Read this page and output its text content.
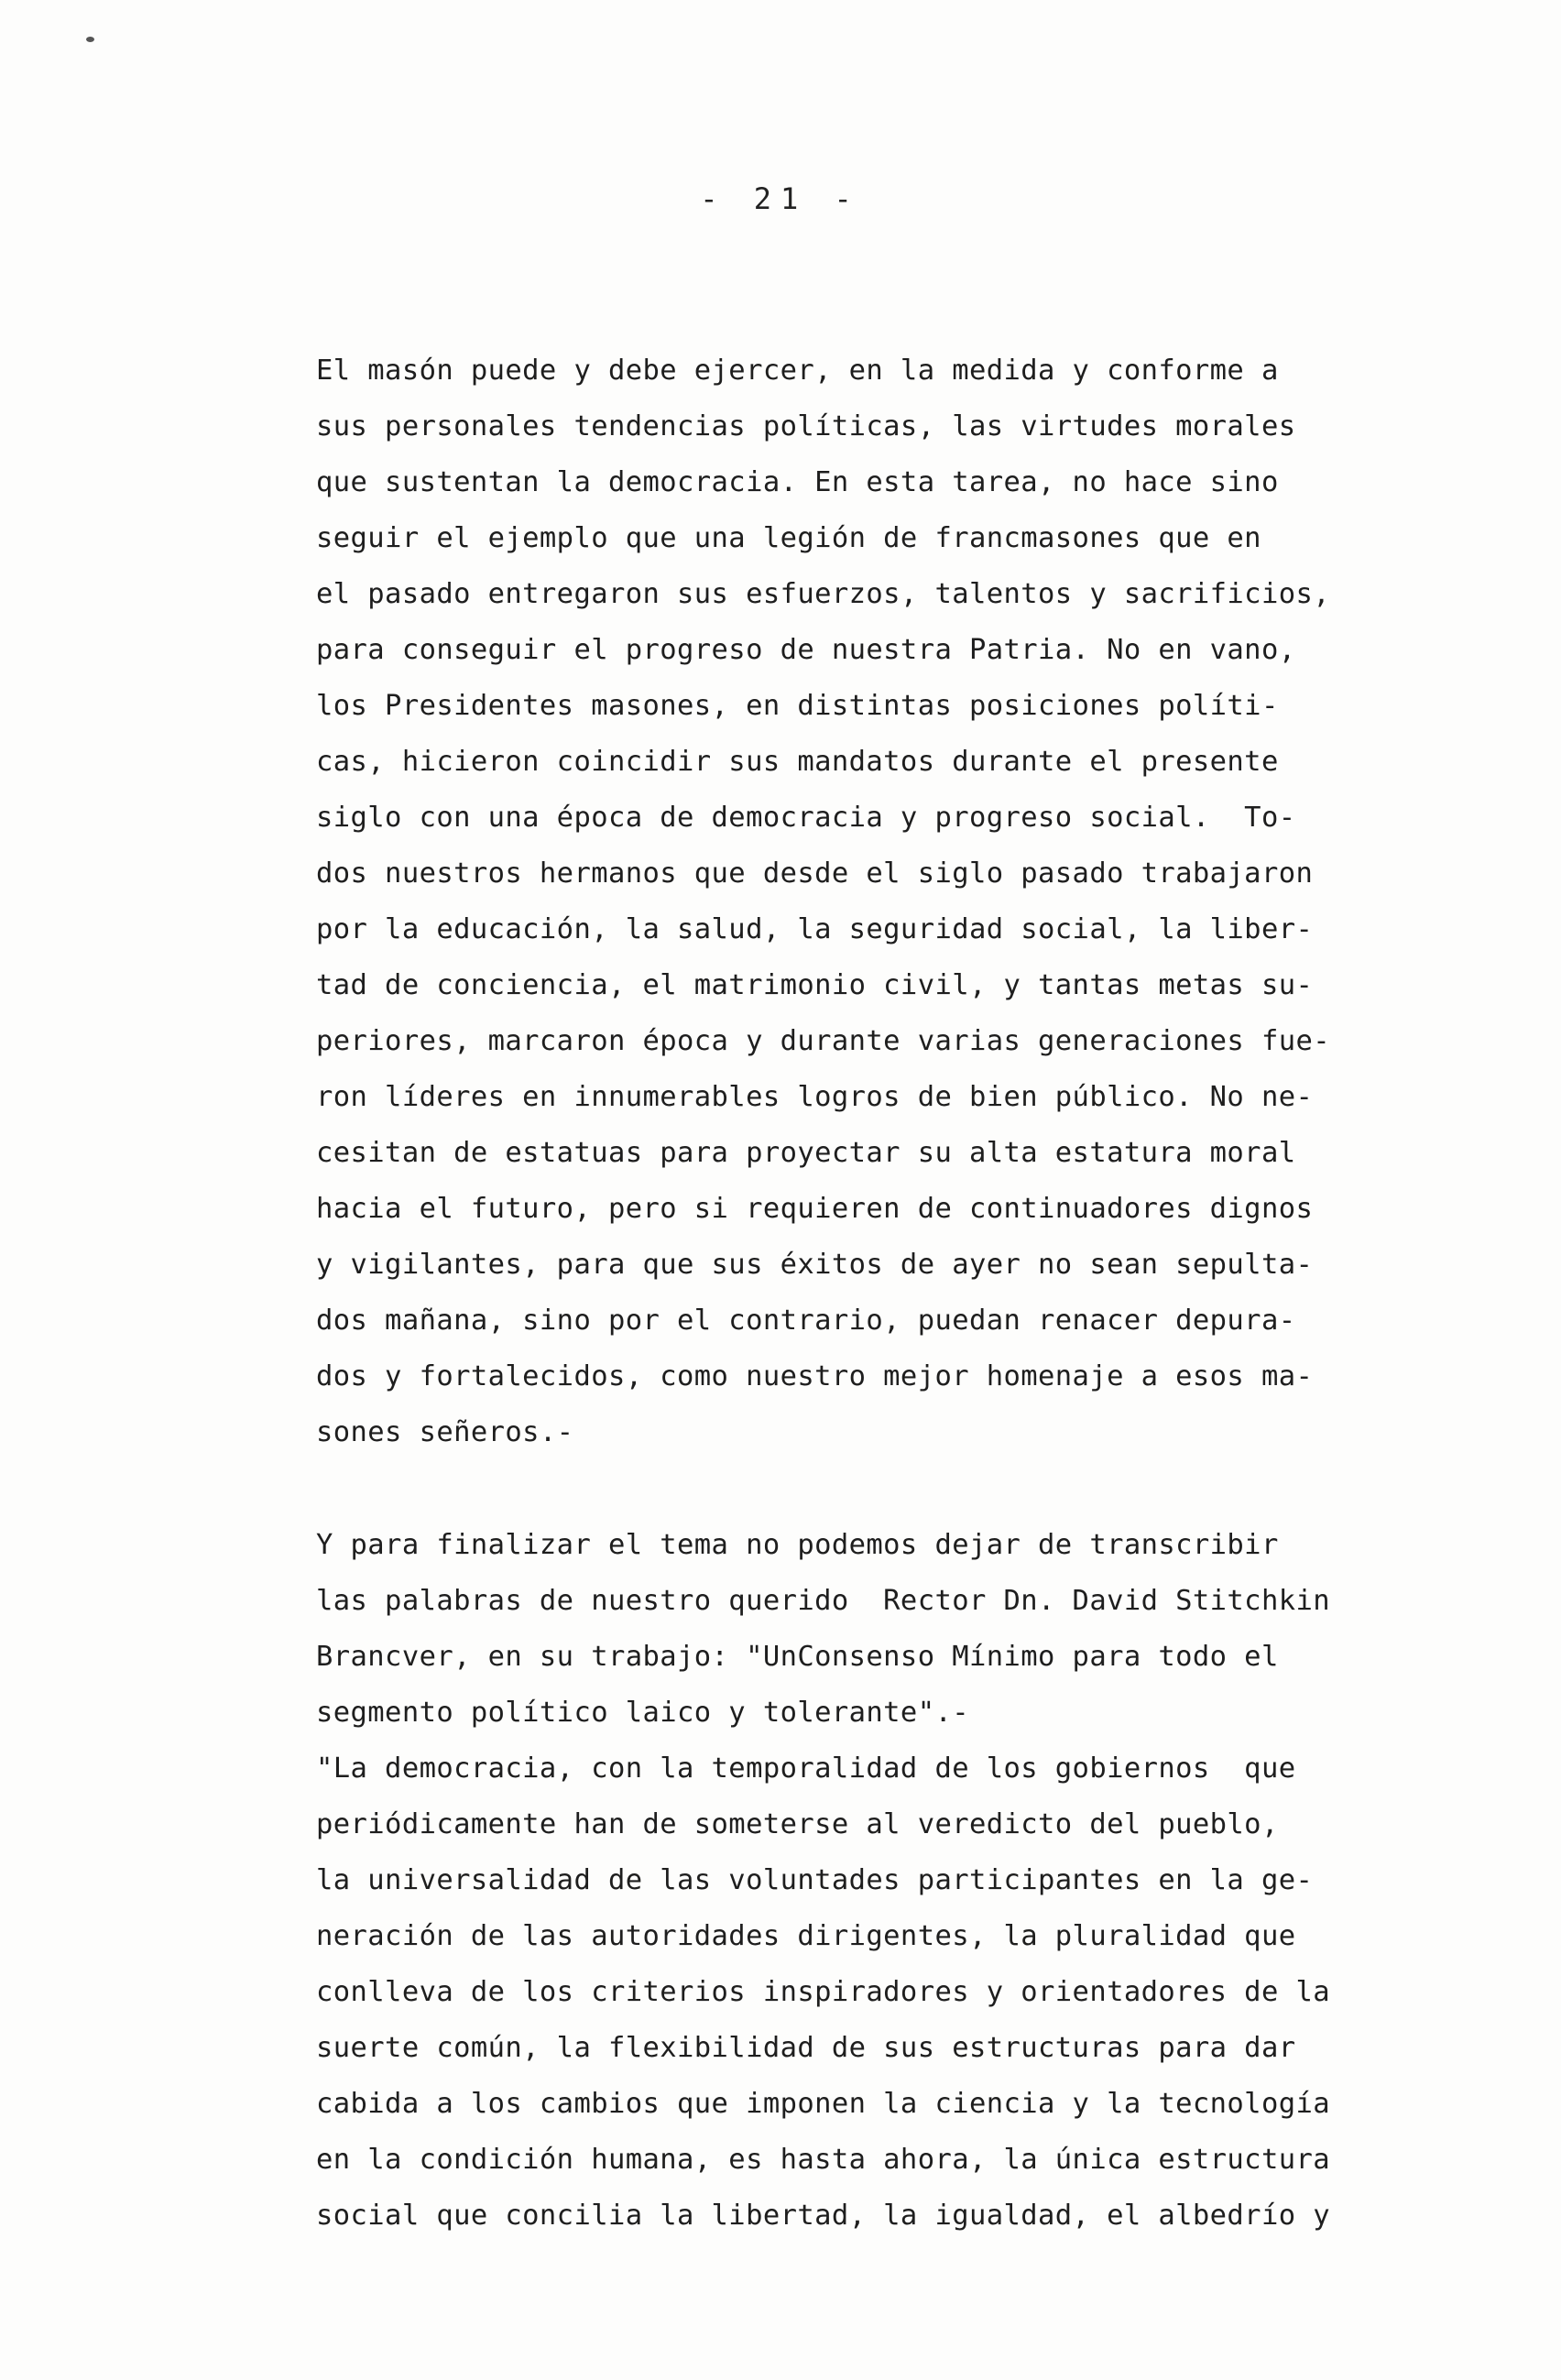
- 21 -
El masón puede y debe ejercer, en la medida y conforme a
sus personales tendencias políticas, las virtudes morales
que sustentan la democracia. En esta tarea, no hace sino
seguir el ejemplo que una legión de francmasones que en
el pasado entregaron sus esfuerzos, talentos y sacrificios,
para conseguir el progreso de nuestra Patria. No en vano,
los Presidentes masones, en distintas posiciones políti-
cas, hicieron coincidir sus mandatos durante el presente
siglo con una época de democracia y progreso social.  To-
dos nuestros hermanos que desde el siglo pasado trabajaron
por la educación, la salud, la seguridad social, la liber-
tad de conciencia, el matrimonio civil, y tantas metas su-
periores, marcaron época y durante varias generaciones fue-
ron líderes en innumerables logros de bien público. No ne-
cesitan de estatuas para proyectar su alta estatura moral
hacia el futuro, pero si requieren de continuadores dignos
y vigilantes, para que sus éxitos de ayer no sean sepulta-
dos mañana, sino por el contrario, puedan renacer depura-
dos y fortalecidos, como nuestro mejor homenaje a esos ma-
sones señeros.-
Y para finalizar el tema no podemos dejar de transcribir
las palabras de nuestro querido  Rector Dn. David Stitchkin
Brancver, en su trabajo: "UnConsenso Mínimo para todo el
segmento político laico y tolerante".-
"La democracia, con la temporalidad de los gobiernos  que
periódicamente han de someterse al veredicto del pueblo,
la universalidad de las voluntades participantes en la ge-
neración de las autoridades dirigentes, la pluralidad que
conlleva de los criterios inspiradores y orientadores de la
suerte común, la flexibilidad de sus estructuras para dar
cabida a los cambios que imponen la ciencia y la tecnología
en la condición humana, es hasta ahora, la única estructura
social que concilia la libertad, la igualdad, el albedrío y
